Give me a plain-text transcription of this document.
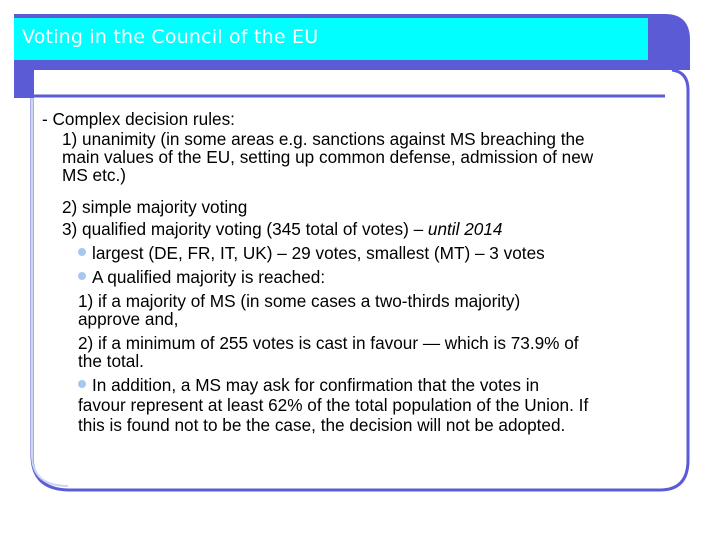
Voting in the Council of the EU
- Complex decision rules:
1) unanimity (in some areas e.g. sanctions against MS breaching the
main values of the EU, setting up common defense, admission of new
MS etc.)
2) simple majority voting
3) qualified majority voting (345 total of votes) – until 2014
largest (DE, FR, IT, UK) – 29 votes, smallest (MT) – 3 votes
A qualified majority is reached:
1) if a majority of MS (in some cases a two-thirds majority)
approve and,
2) if a minimum of 255 votes is cast in favour — which is 73.9% of
the total.
In addition, a MS may ask for confirmation that the votes in
favour represent at least 62% of the total population of the Union. If
this is found not to be the case, the decision will not be adopted.
